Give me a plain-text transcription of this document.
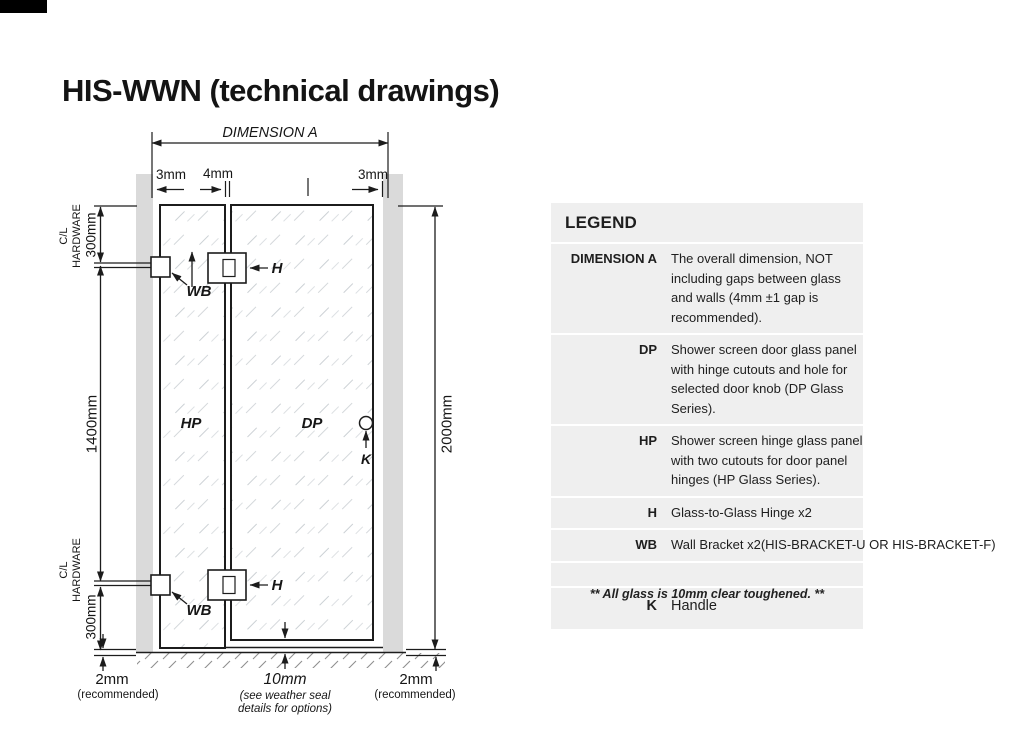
HIS-WWN (technical drawings)
DIMENSION A
3mm 4mm	3mm
C/L HARDWARE 300mm
1400mm
C/L HARDWARE
300mm
2mm
(recommended)
10mm
(see weather seal
details for options)
2000mm
2mm
(recommended)
H
H
WB
WB
K
HP	DP
LEGEND
DIMENSION A The overall dimension, NOT including gaps between glass and walls (4mm ±1 gap is recommended).
DP Shower screen door glass panel with hinge cutouts and hole for selected door knob (DP Glass Series).
HP Shower screen hinge glass panel with two cutouts for door panel hinges (HP Glass Series).
H Glass-to-Glass Hinge x2
WB Wall Bracket x2(HIS-BRACKET-U OR HIS-BRACKET-F)
K Handle
** All glass is 10mm clear toughened. **
